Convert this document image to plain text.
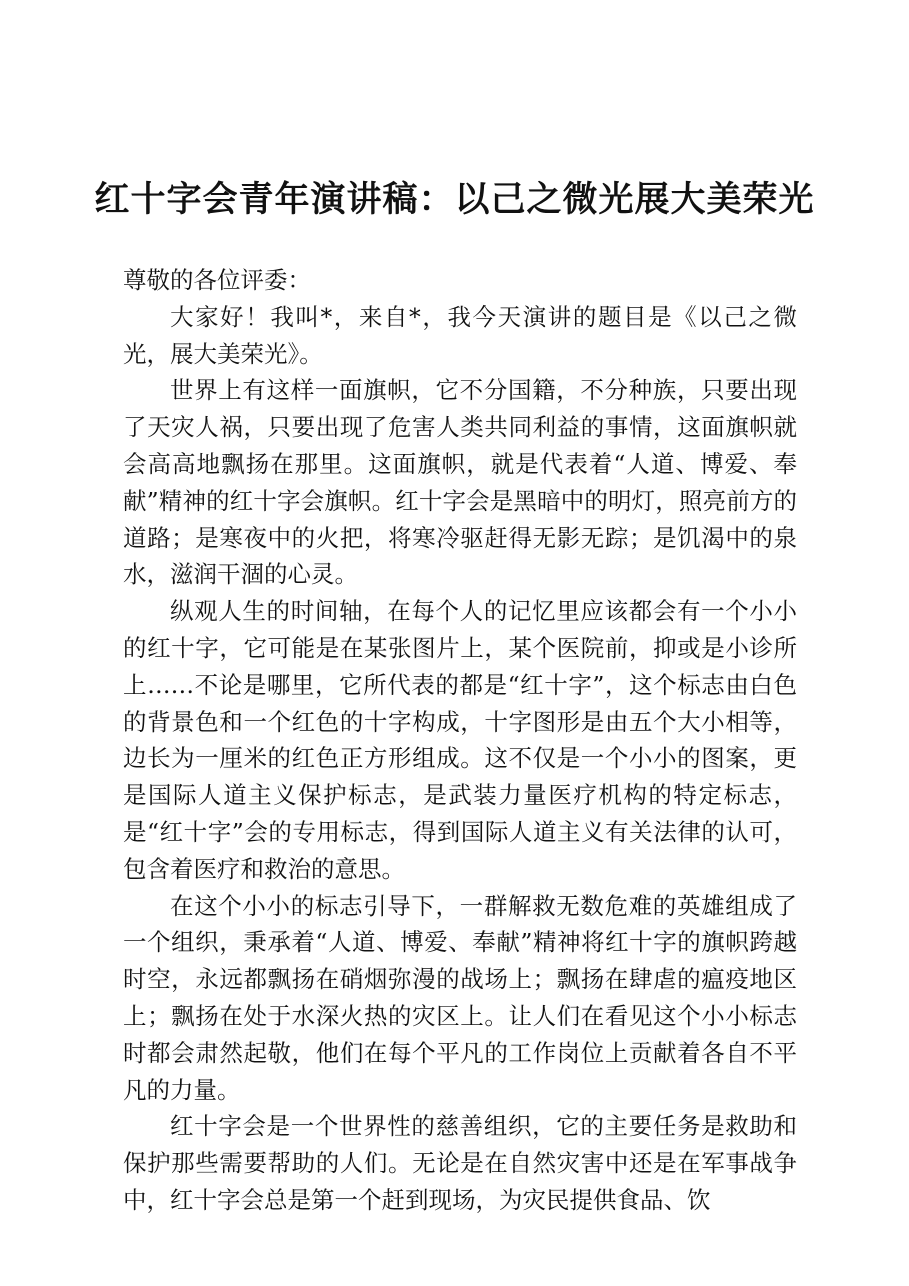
红十字会青年演讲稿：以己之微光展大美荣光

尊敬的各位评委：

大家好！我叫*，来自*，我今天演讲的题目是《以己之微光，展大美荣光》。

世界上有这样一面旗帜，它不分国籍，不分种族，只要出现了天灾人祸，只要出现了危害人类共同利益的事情，这面旗帜就会高高地飘扬在那里。这面旗帜，就是代表着“人道、博爱、奉献”精神的红十字会旗帜。红十字会是黑暗中的明灯，照亮前方的道路；是寒夜中的火把，将寒冷驱赶得无影无踪；是饥渴中的泉水，滋润干涸的心灵。

纵观人生的时间轴，在每个人的记忆里应该都会有一个小小的红十字，它可能是在某张图片上，某个医院前，抑或是小诊所上……不论是哪里，它所代表的都是“红十字”，这个标志由白色的背景色和一个红色的十字构成，十字图形是由五个大小相等，边长为一厘米的红色正方形组成。这不仅是一个小小的图案，更是国际人道主义保护标志，是武装力量医疗机构的特定标志，是“红十字”会的专用标志，得到国际人道主义有关法律的认可，包含着医疗和救治的意思。

在这个小小的标志引导下，一群解救无数危难的英雄组成了一个组织，秉承着“人道、博爱、奉献”精神将红十字的旗帜跨越时空，永远都飘扬在硝烟弥漫的战场上；飘扬在肆虐的瘟疫地区上；飘扬在处于水深火热的灾区上。让人们在看见这个小小标志时都会肃然起敬，他们在每个平凡的工作岗位上贡献着各自不平凡的力量。

红十字会是一个世界性的慈善组织，它的主要任务是救助和保护那些需要帮助的人们。无论是在自然灾害中还是在军事战争中，红十字会总是第一个赶到现场，为灾民提供食品、饮
